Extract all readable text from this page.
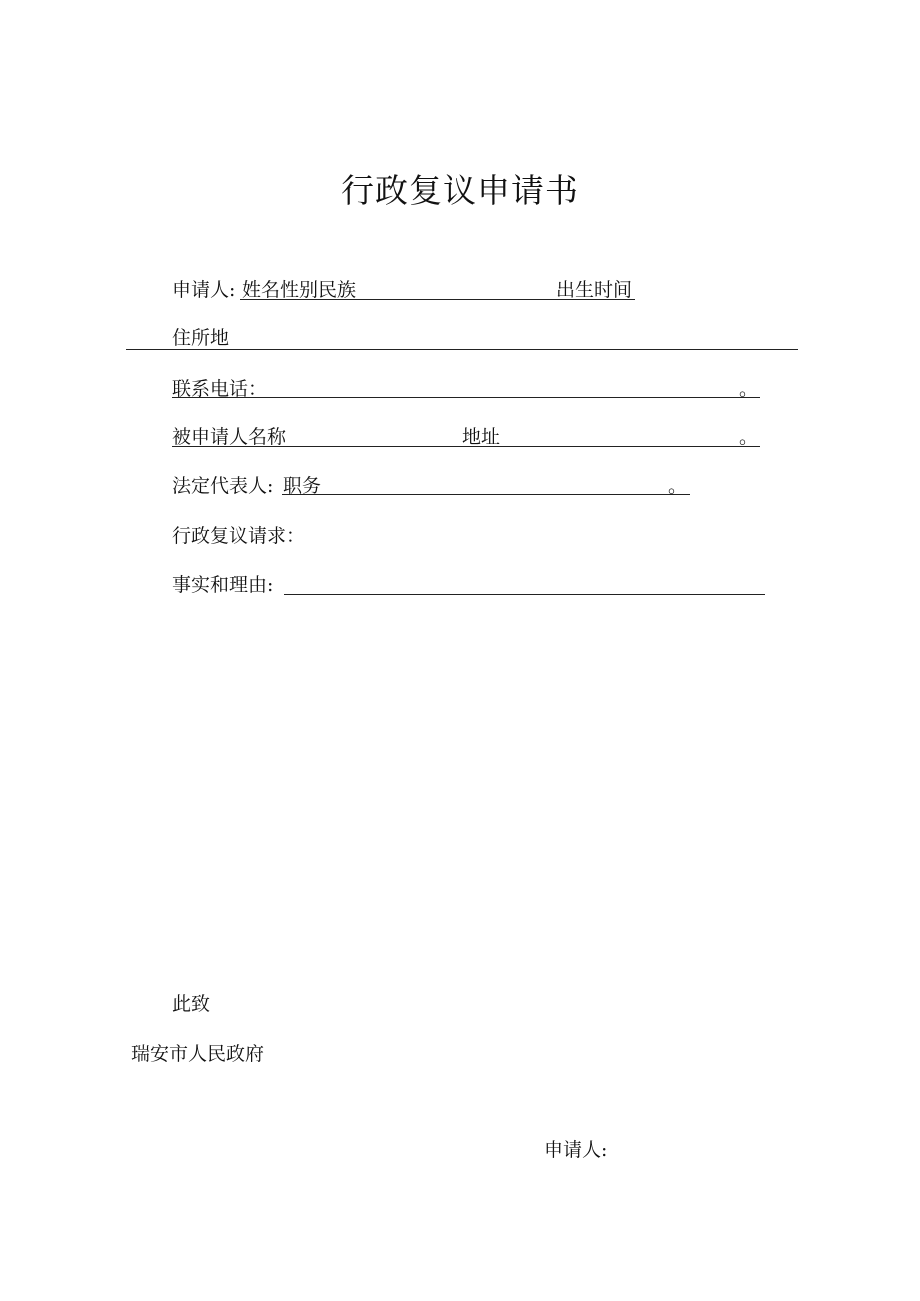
行政复议申请书
申请人: 姓名性别民族	出生时间
住所地
联系电话：	。
被申请人名称	地址	。
法定代表人: 职务	。
行政复议请求：
事实和理由:
此致
瑞安市人民政府
申请人:
